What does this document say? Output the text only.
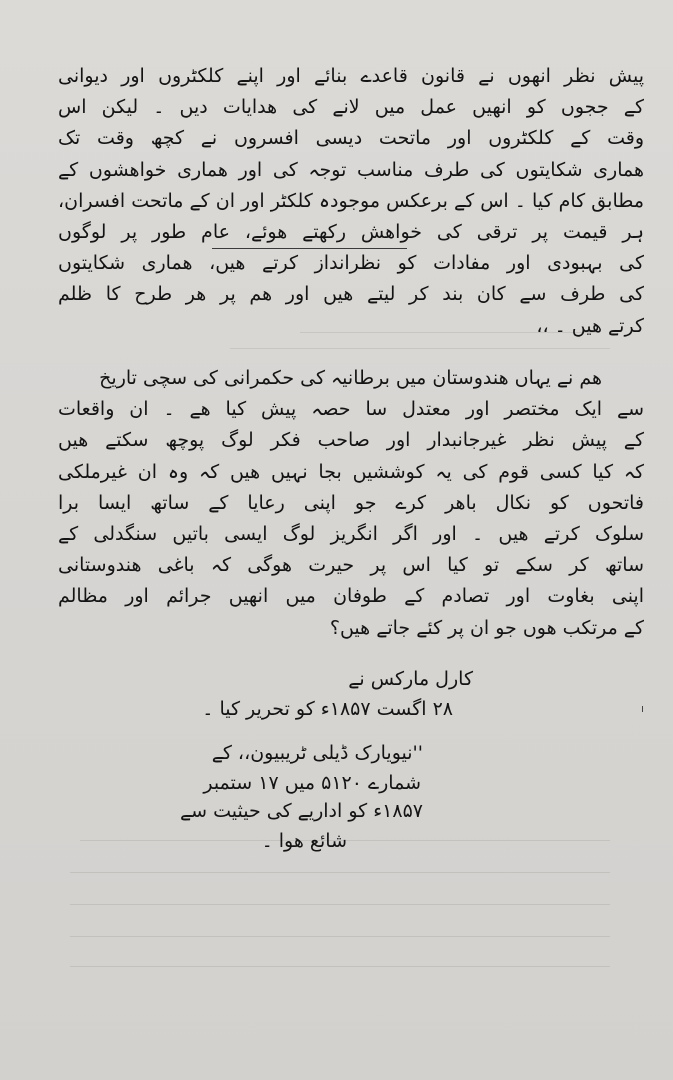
پیش نظر انھوں نے قانون قاعدے بنائے اور اپنے کلکٹروں اور دیوانی
کے ججوں کو انھیں عمل میں لانے کی ھدایات دیں ۔ لیکن اس
وقت کے کلکٹروں اور ماتحت دیسی افسروں نے کچھ وقت تک
ھماری شکایتوں کی طرف مناسب توجہ کی اور ھماری خواھشوں کے
مطابق کام کیا ۔ اس کے برعکس موجودہ کلکٹر اور ان کے ماتحت افسران،
ہر قیمت پر ترقی کی خواھش رکھتے ھوئے، عام طور پر لوگوں
کی بہبودی اور مفادات کو نظرانداز کرتے ھیں، ھماری شکایتوں
کی طرف سے کان بند کر لیتے ھیں اور ھم پر ھر طرح کا ظلم
کرتے ھیں ۔ ،،
ھم نے یہاں ھندوستان میں برطانیہ کی حکمرانی کی سچی تاریخ
سے ایک مختصر اور معتدل سا حصہ پیش کیا ھے ۔ ان واقعات
کے پیش نظر غیرجانبدار اور صاحب فکر لوگ پوچھ سکتے ھیں
کہ کیا کسی قوم کی یہ کوششیں بجا نہیں ھیں کہ وہ ان غیرملکی
فاتحوں کو نکال باھر کرے جو اپنی رعایا کے ساتھ ایسا برا
سلوک کرتے ھیں ۔ اور اگر انگریز لوگ ایسی باتیں سنگدلی کے
ساتھ کر سکے تو کیا اس پر حیرت ھوگی کہ باغی ھندوستانی
اپنی بغاوت اور تصادم کے طوفان میں انھیں جرائم اور مظالم
کے مرتکب ھوں جو ان پر کئے جاتے ھیں؟
کارل مارکس نے
۲۸ اگست ۱۸۵۷ء کو تحریر کیا ۔
''نیویارک ڈیلی ٹریبیون،، کے
شمارے ۵۱۲۰ میں ۱۷ ستمبر
۱۸۵۷ء کو اداریے کی حیثیت سے
شائع ھوا ۔
